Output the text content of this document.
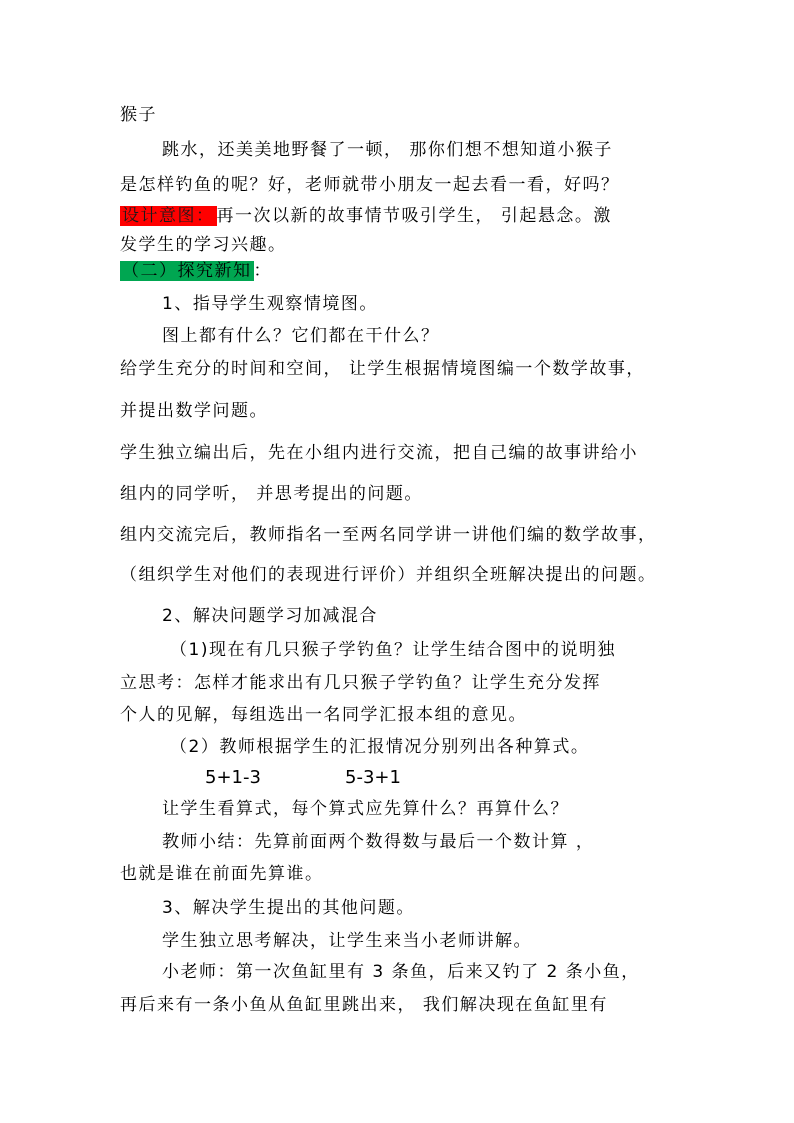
猴子
跳水，还美美地野餐了一顿， 那你们想不想知道小猴子
是怎样钓鱼的呢？好，老师就带小朋友一起去看一看，好吗？
设计意图： 再一次以新的故事情节吸引学生， 引起悬念。激
发学生的学习兴趣。
（二）探究新知 ：
1、指导学生观察情境图。
图上都有什么？它们都在干什么？
给学生充分的时间和空间， 让学生根据情境图编一个数学故事，
并提出数学问题。
学生独立编出后，先在小组内进行交流，把自己编的故事讲给小
组内的同学听， 并思考提出的问题。
组内交流完后，教师指名一至两名同学讲一讲他们编的数学故事，
（组织学生对他们的表现进行评价）并组织全班解决提出的问题。
2、解决问题学习加减混合
（1)现在有几只猴子学钓鱼？让学生结合图中的说明独
立思考：怎样才能求出有几只猴子学钓鱼？让学生充分发挥
个人的见解，每组选出一名同学汇报本组的意见。
（2）教师根据学生的汇报情况分别列出各种算式。
5+1-3	5-3+1
让学生看算式，每个算式应先算什么？再算什么？
教师小结：先算前面两个数得数与最后一个数计算 ，
也就是谁在前面先算谁。
3、解决学生提出的其他问题。
学生独立思考解决，让学生来当小老师讲解。
小老师：第一次鱼缸里有 3 条鱼，后来又钓了 2 条小鱼，
再后来有一条小鱼从鱼缸里跳出来， 我们解决现在鱼缸里有
